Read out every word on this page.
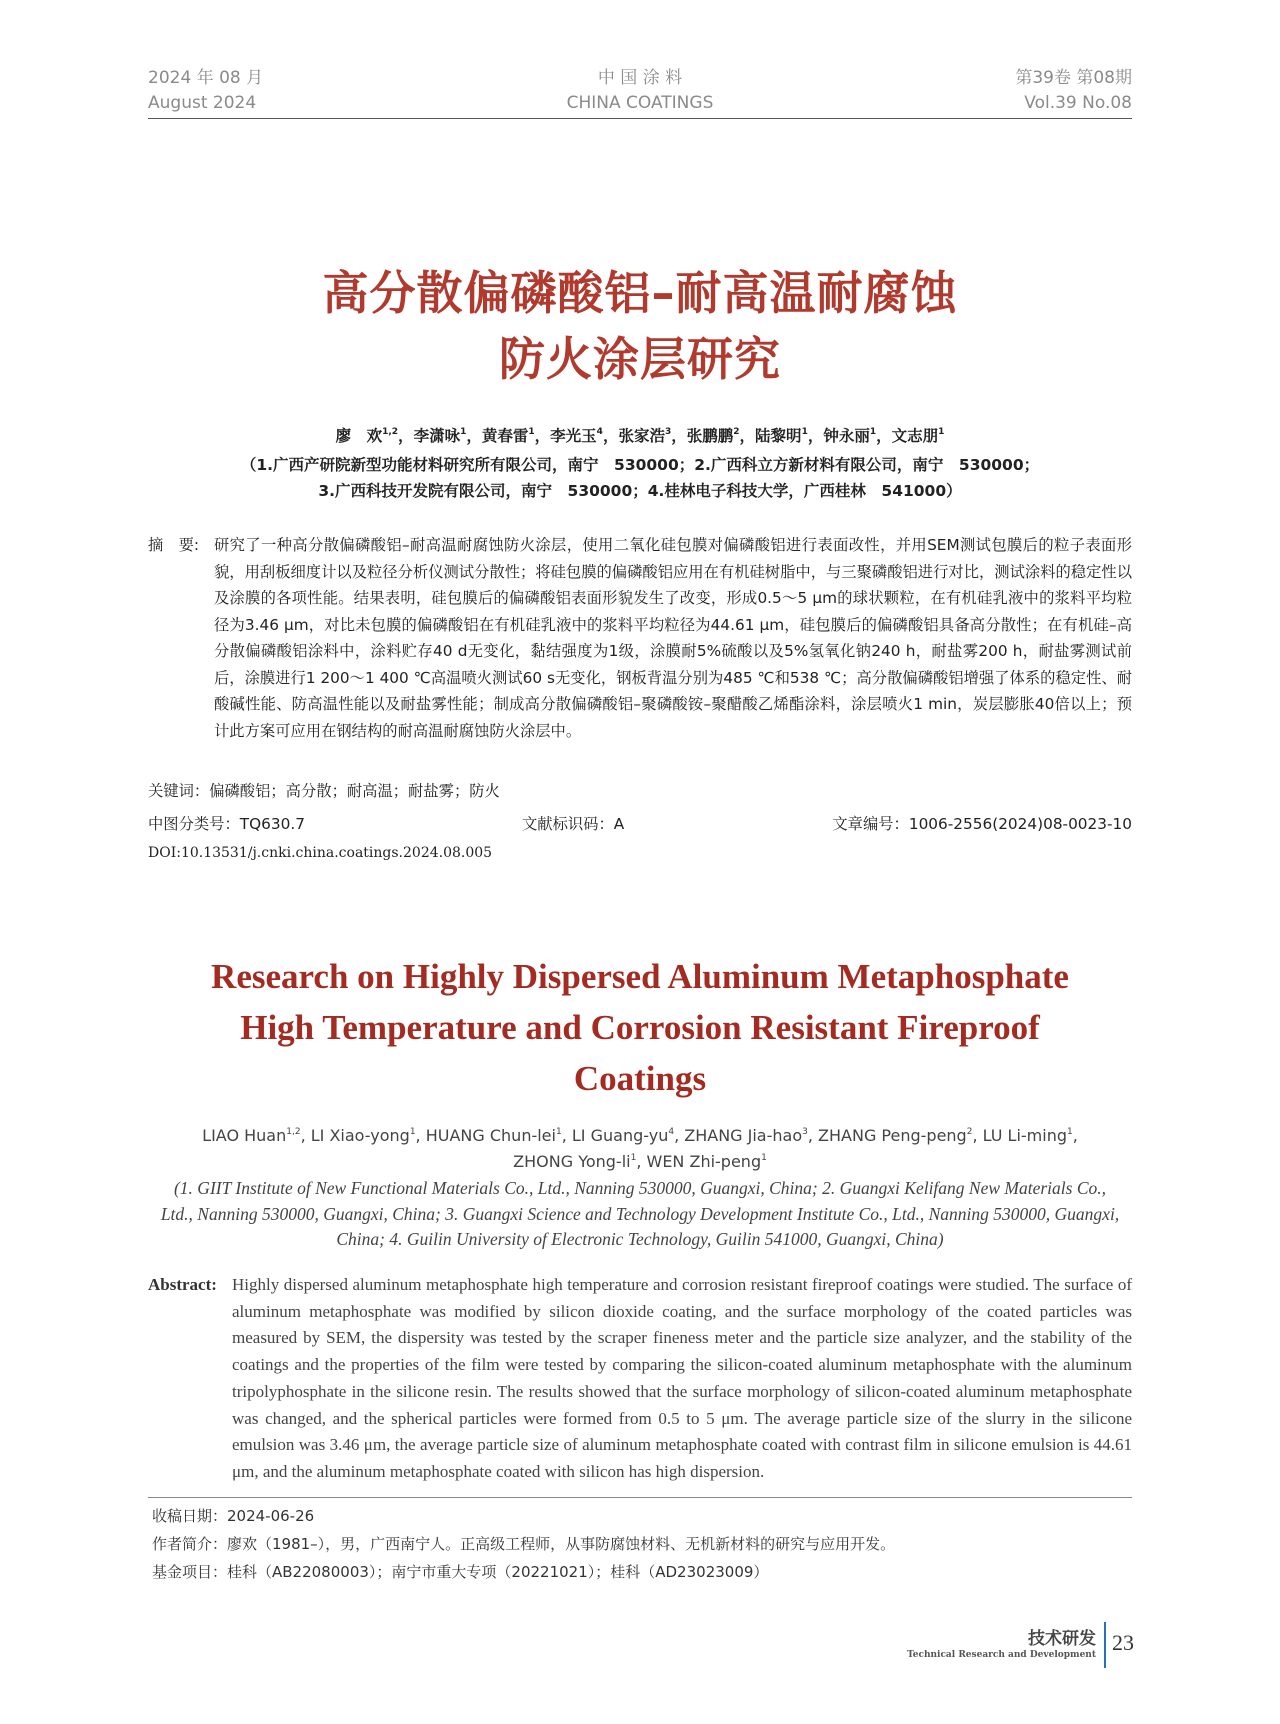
2024 年 08 月
August 2024
中 国 涂 料
CHINA COATINGS
第39卷 第08期
Vol.39 No.08
高分散偏磷酸铝–耐高温耐腐蚀
防火涂层研究
廖　欢$^{1,2}$，李潇咏$^1$，黄春雷$^1$，李光玉$^4$，张家浩$^3$，张鹏鹏$^2$，陆黎明$^1$，钟永丽$^1$，文志朋$^1$
（1.广西产研院新型功能材料研究所有限公司，南宁　530000；2.广西科立方新材料有限公司，南宁　530000；
3.广西科技开发院有限公司，南宁　530000；4.桂林电子科技大学，广西桂林　541000）
摘　要: 研究了一种高分散偏磷酸铝–耐高温耐腐蚀防火涂层，使用二氧化硅包膜对偏磷酸铝进行表面改性，并用SEM测试包膜后的粒子表面形貌，用刮板细度计以及粒径分析仪测试分散性；将硅包膜的偏磷酸铝应用在有机硅树脂中，与三聚磷酸铝进行对比，测试涂料的稳定性以及涂膜的各项性能。结果表明，硅包膜后的偏磷酸铝表面形貌发生了改变，形成0.5～5 μm的球状颗粒，在有机硅乳液中的浆料平均粒径为3.46 μm，对比未包膜的偏磷酸铝在有机硅乳液中的浆料平均粒径为44.61 μm，硅包膜后的偏磷酸铝具备高分散性；在有机硅–高分散偏磷酸铝涂料中，涂料贮存40 d无变化，黏结强度为1级，涂膜耐5%硫酸以及5%氢氧化钠240 h，耐盐雾200 h，耐盐雾测试前后，涂膜进行1 200～1 400 ℃高温喷火测试60 s无变化，钢板背温分别为485 ℃和538 ℃；高分散偏磷酸铝增强了体系的稳定性、耐酸碱性能、防高温性能以及耐盐雾性能；制成高分散偏磷酸铝–聚磷酸铵–聚醋酸乙烯酯涂料，涂层喷火1 min，炭层膨胀40倍以上；预计此方案可应用在钢结构的耐高温耐腐蚀防火涂层中。
关键词：偏磷酸铝；高分散；耐高温；耐盐雾；防火
中图分类号：TQ630.7	文献标识码：A	文章编号：1006-2556(2024)08-0023-10
DOI:10.13531/j.cnki.china.coatings.2024.08.005
Research on Highly Dispersed Aluminum Metaphosphate
High Temperature and Corrosion Resistant Fireproof
Coatings
LIAO Huan$^{1,2}$, LI Xiao-yong$^1$, HUANG Chun-lei$^1$, LI Guang-$yu^4$, ZHANG Jia-hao$^3$, ZHANG Peng-peng$^2$, LU Li-ming$^1$,
ZHONG Yong-$li^1$, WEN Zhi-peng$^1$
(1. GIIT Institute of New Functional Materials Co., Ltd., Nanning 530000, Guangxi, China; 2. Guangxi Kelifang New Materials Co., Ltd., Nanning 530000, Guangxi, China; 3. Guangxi Science and Technology Development Institute Co., Ltd., Nanning 530000, Guangxi, China; 4. Guilin University of Electronic Technology, Guilin 541000, Guangxi, China)
Abstract: Highly dispersed aluminum metaphosphate high temperature and corrosion resistant fireproof coatings were studied. The surface of aluminum metaphosphate was modified by silicon dioxide coating, and the surface morphology of the coated particles was measured by SEM, the dispersity was tested by the scraper fineness meter and the particle size analyzer, and the stability of the coatings and the properties of the film were tested by comparing the silicon-coated aluminum metaphosphate with the aluminum tripolyphosphate in the silicone resin. The results showed that the surface morphology of silicon-coated aluminum metaphosphate was changed, and the spherical particles were formed from 0.5 to 5 μm. The average particle size of the slurry in the silicone emulsion was 3.46 μm, the average particle size of aluminum metaphosphate coated with contrast film in silicone emulsion is 44.61 μm, and the aluminum metaphosphate coated with silicon has high dispersion.
收稿日期：2024-06-26
作者简介：廖欢（1981–），男，广西南宁人。正高级工程师，从事防腐蚀材料、无机新材料的研究与应用开发。
基金项目：桂科（AB22080003）；南宁市重大专项（20221021）；桂科（AD23023009）
技术研发
Technical Research and Development 23
